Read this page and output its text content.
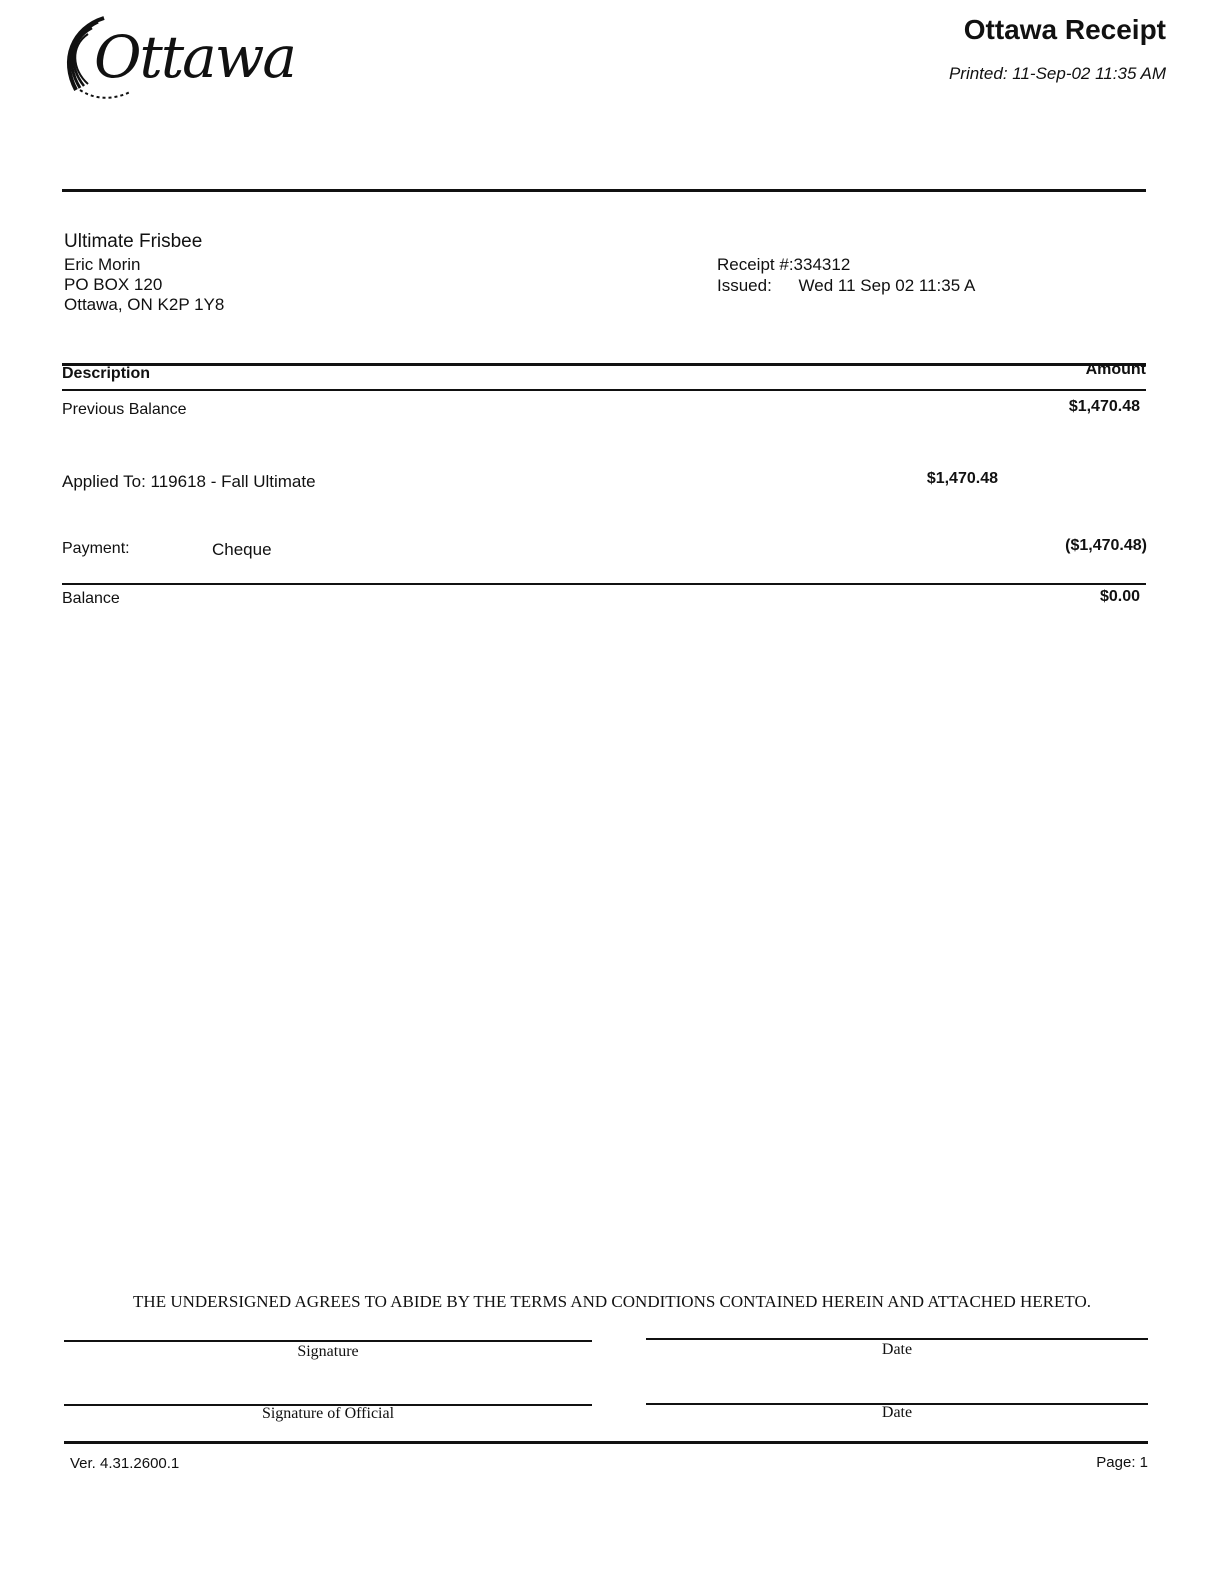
Ottawa	Ottawa Receipt
Printed: 11-Sep-02 11:35 AM
Ultimate Frisbee
Eric Morin
PO BOX 120
Ottawa, ON K2P 1Y8
Receipt #:334312
Issued: Wed 11 Sep 02 11:35 A
Description	Amount
Previous Balance	$1,470.48
Applied To: 119618 - Fall Ultimate	$1,470.48
Payment:	Cheque	($1,470.48)
Balance	$0.00
THE UNDERSIGNED AGREES TO ABIDE BY THE TERMS AND CONDITIONS CONTAINED HEREIN AND ATTACHED HERETO.
Signature	Date
Signature of Official	Date
Ver. 4.31.2600.1	Page: 1
